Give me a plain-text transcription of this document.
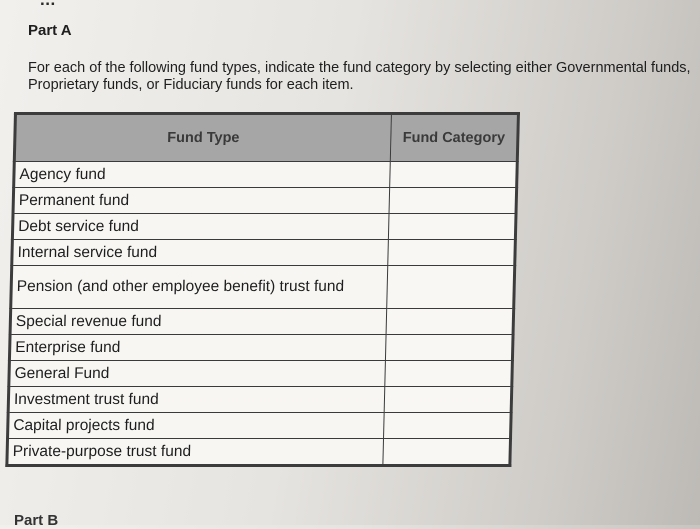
Part A
For each of the following fund types, indicate the fund category by selecting either Governmental funds, Proprietary funds, or Fiduciary funds for each item.
Fund Type	Fund Category
Agency fund	
Permanent fund	
Debt service fund	
Internal service fund	
Pension (and other employee benefit) trust fund	
Special revenue fund	
Enterprise fund	
General Fund	
Investment trust fund	
Capital projects fund	
Private-purpose trust fund	
Part B
